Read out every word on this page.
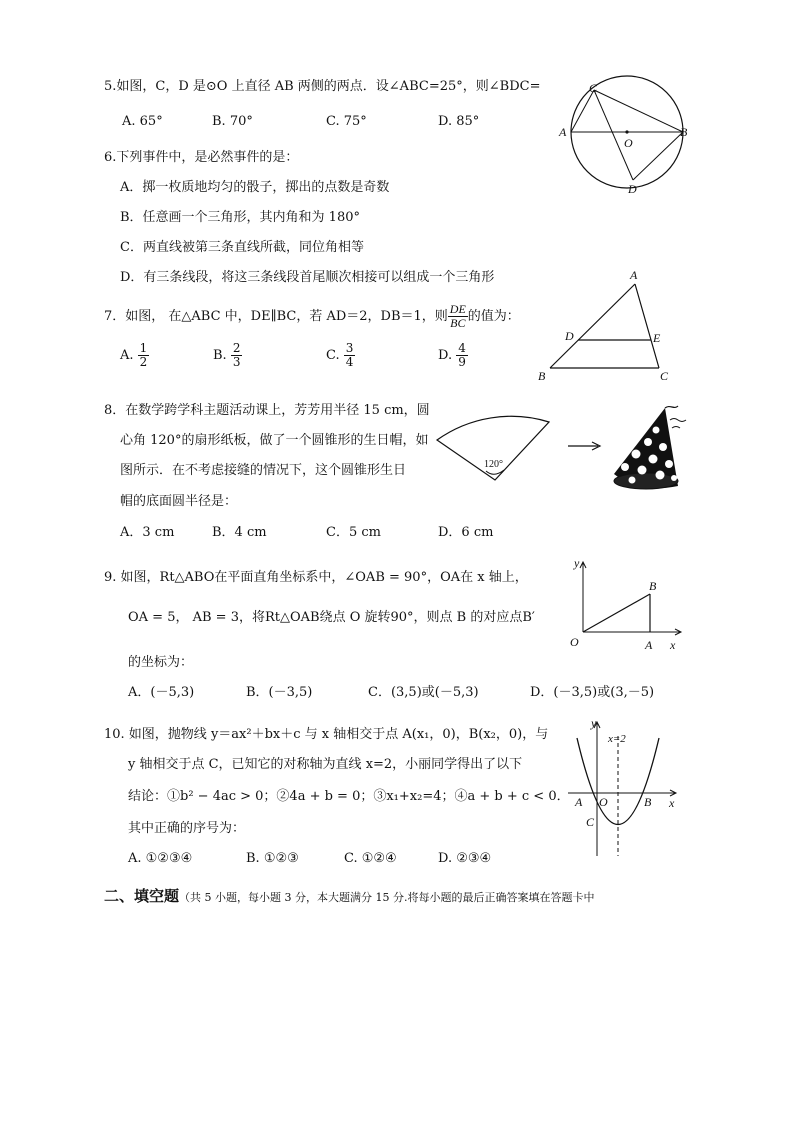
5.如图，C，D 是⊙O 上直径 AB 两侧的两点．设∠ABC=25°，则∠BDC=
A. 65°	B. 70°	C. 75°	D. 85°
C
A
O
B
D
6.下列事件中，是必然事件的是：
A．掷一枚质地均匀的骰子，掷出的点数是奇数
B．任意画一个三角形，其内角和为 180°
C．两直线被第三条直线所截，同位角相等
D．有三条线段，将这三条线段首尾顺次相接可以组成一个三角形
7．如图， 在△ABC 中，DE∥BC，若 AD＝2，DB＝1，则 $\frac{DE}{BC}$ 的值为：
A. $\frac{1}{2}$	B. $\frac{2}{3}$	C. $\frac{3}{4}$	D. $\frac{4}{9}$
A
D	E
B	C
8．在数学跨学科主题活动课上，芳芳用半径 15 cm，圆
心角 120°的扇形纸板，做了一个圆锥形的生日帽，如
图所示．在不考虑接缝的情况下，这个圆锥形生日
帽的底面圆半径是：
A．3 cm	B．4 cm	C．5 cm	D．6 cm
120°
9. 如图，Rt△ABO在平面直角坐标系中，∠OAB = 90°，OA在 x 轴上，
OA = 5， AB = 3，将Rt△OAB绕点 O 旋转90°，则点 B 的对应点B′
的坐标为：
A．(－5,3)	B．(－3,5)	C．(3,5)或(－5,3)	D．(－3,5)或(3,－5)
y
B
O	A x
10. 如图，抛物线 y＝ax²＋bx＋c 与 x 轴相交于点 A(x₁，0)，B(x₂，0)，与
y 轴相交于点 C，已知它的对称轴为直线 x=2，小丽同学得出了以下
结论：①b² − 4ac > 0；②4a + b = 0；③x₁+x₂=4；④a + b + c < 0．
其中正确的序号为：
A. ①②③④	B. ①②③	C. ①②④	D. ②③④
y
x=2
A O	B x
C
二、填空题（共 5 小题，每小题 3 分，本大题满分 15 分.将每小题的最后正确答案填在答题卡中
